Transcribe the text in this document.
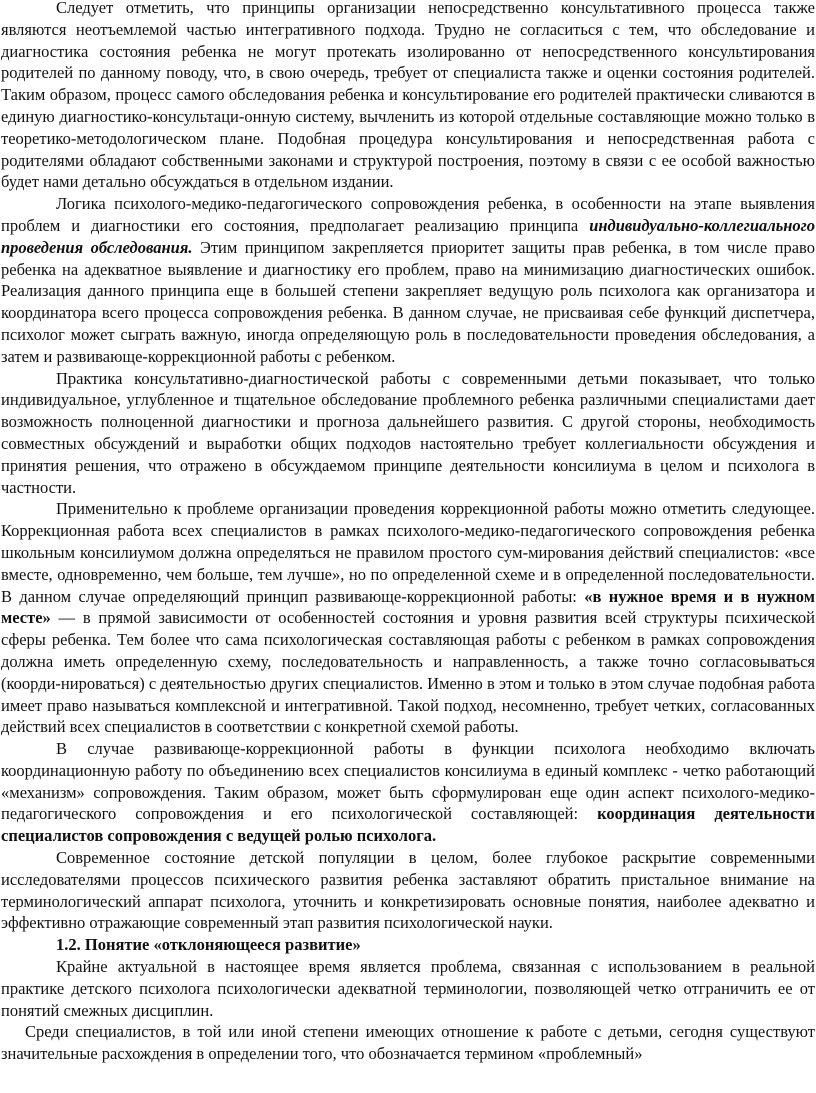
Следует отметить, что принципы организации непосредственно консультативного процесса также являются неотъемлемой частью интегративного подхода. Трудно не согласиться с тем, что обследование и диагностика состояния ребенка не могут протекать изолированно от непосредственного консультирования родителей по данному поводу, что, в свою очередь, требует от специалиста также и оценки состояния родителей. Таким образом, процесс самого обследования ребенка и консультирование его родителей практически сливаются в единую диагностико-консультаци-онную систему, вычленить из которой отдельные составляющие можно только в теоретико-методологическом плане. Подобная процедура консультирования и непосредственная работа с родителями обладают собственными законами и структурой построения, поэтому в связи с ее особой важностью будет нами детально обсуждаться в отдельном издании.

Логика психолого-медико-педагогического сопровождения ребенка, в особенности на этапе выявления проблем и диагностики его состояния, предполагает реализацию принципа индивидуально-коллегиального проведения обследования. Этим принципом закрепляется приоритет защиты прав ребенка, в том числе право ребенка на адекватное выявление и диагностику его проблем, право на минимизацию диагностических ошибок. Реализация данного принципа еще в большей степени закрепляет ведущую роль психолога как организатора и координатора всего процесса сопровождения ребенка. В данном случае, не присваивая себе функций диспетчера, психолог может сыграть важную, иногда определяющую роль в последовательности проведения обследования, а затем и развивающе-коррекционной работы с ребенком.

Практика консультативно-диагностической работы с современными детьми показывает, что только индивидуальное, углубленное и тщательное обследование проблемного ребенка различными специалистами дает возможность полноценной диагностики и прогноза дальнейшего развития. С другой стороны, необходимость совместных обсуждений и выработки общих подходов настоятельно требует коллегиальности обсуждения и принятия решения, что отражено в обсуждаемом принципе деятельности консилиума в целом и психолога в частности.

Применительно к проблеме организации проведения коррекционной работы можно отметить следующее. Коррекционная работа всех специалистов в рамках психолого-медико-педагогического сопровождения ребенка школьным консилиумом должна определяться не правилом простого сум-мирования действий специалистов: «все вместе, одновременно, чем больше, тем лучше», но по определенной схеме и в определенной последовательности. В данном случае определяющий принцип развивающе-коррекционной работы: «в нужное время и в нужном месте» — в прямой зависимости от особенностей состояния и уровня развития всей структуры психической сферы ребенка. Тем более что сама психологическая составляющая работы с ребенком в рамках сопровождения должна иметь определенную схему, последовательность и направленность, а также точно согласовываться (коорди-нироваться) с деятельностью других специалистов. Именно в этом и только в этом случае подобная работа имеет право называться комплексной и интегративной. Такой подход, несомненно, требует четких, согласованных действий всех специалистов в соответствии с конкретной схемой работы.

В случае развивающе-коррекционной работы в функции психолога необходимо включать координационную работу по объединению всех специалистов консилиума в единый комплекс - четко работающий «механизм» сопровождения. Таким образом, может быть сформулирован еще один аспект психолого-медико-педагогического сопровождения и его психологической составляющей: координация деятельности специалистов сопровождения с ведущей ролью психолога.

Современное состояние детской популяции в целом, более глубокое раскрытие современными исследователями процессов психического развития ребенка заставляют обратить пристальное внимание на терминологический аппарат психолога, уточнить и конкретизировать основные понятия, наиболее адекватно и эффективно отражающие современный этап развития психологической науки.

1.2. Понятие «отклоняющееся развитие»

Крайне актуальной в настоящее время является проблема, связанная с использованием в реальной практике детского психолога психологически адекватной терминологии, позволяющей четко отграничить ее от понятий смежных дисциплин.

Среди специалистов, в той или иной степени имеющих отношение к работе с детьми, сегодня существуют значительные расхождения в определении того, что обозначается термином «проблемный»
